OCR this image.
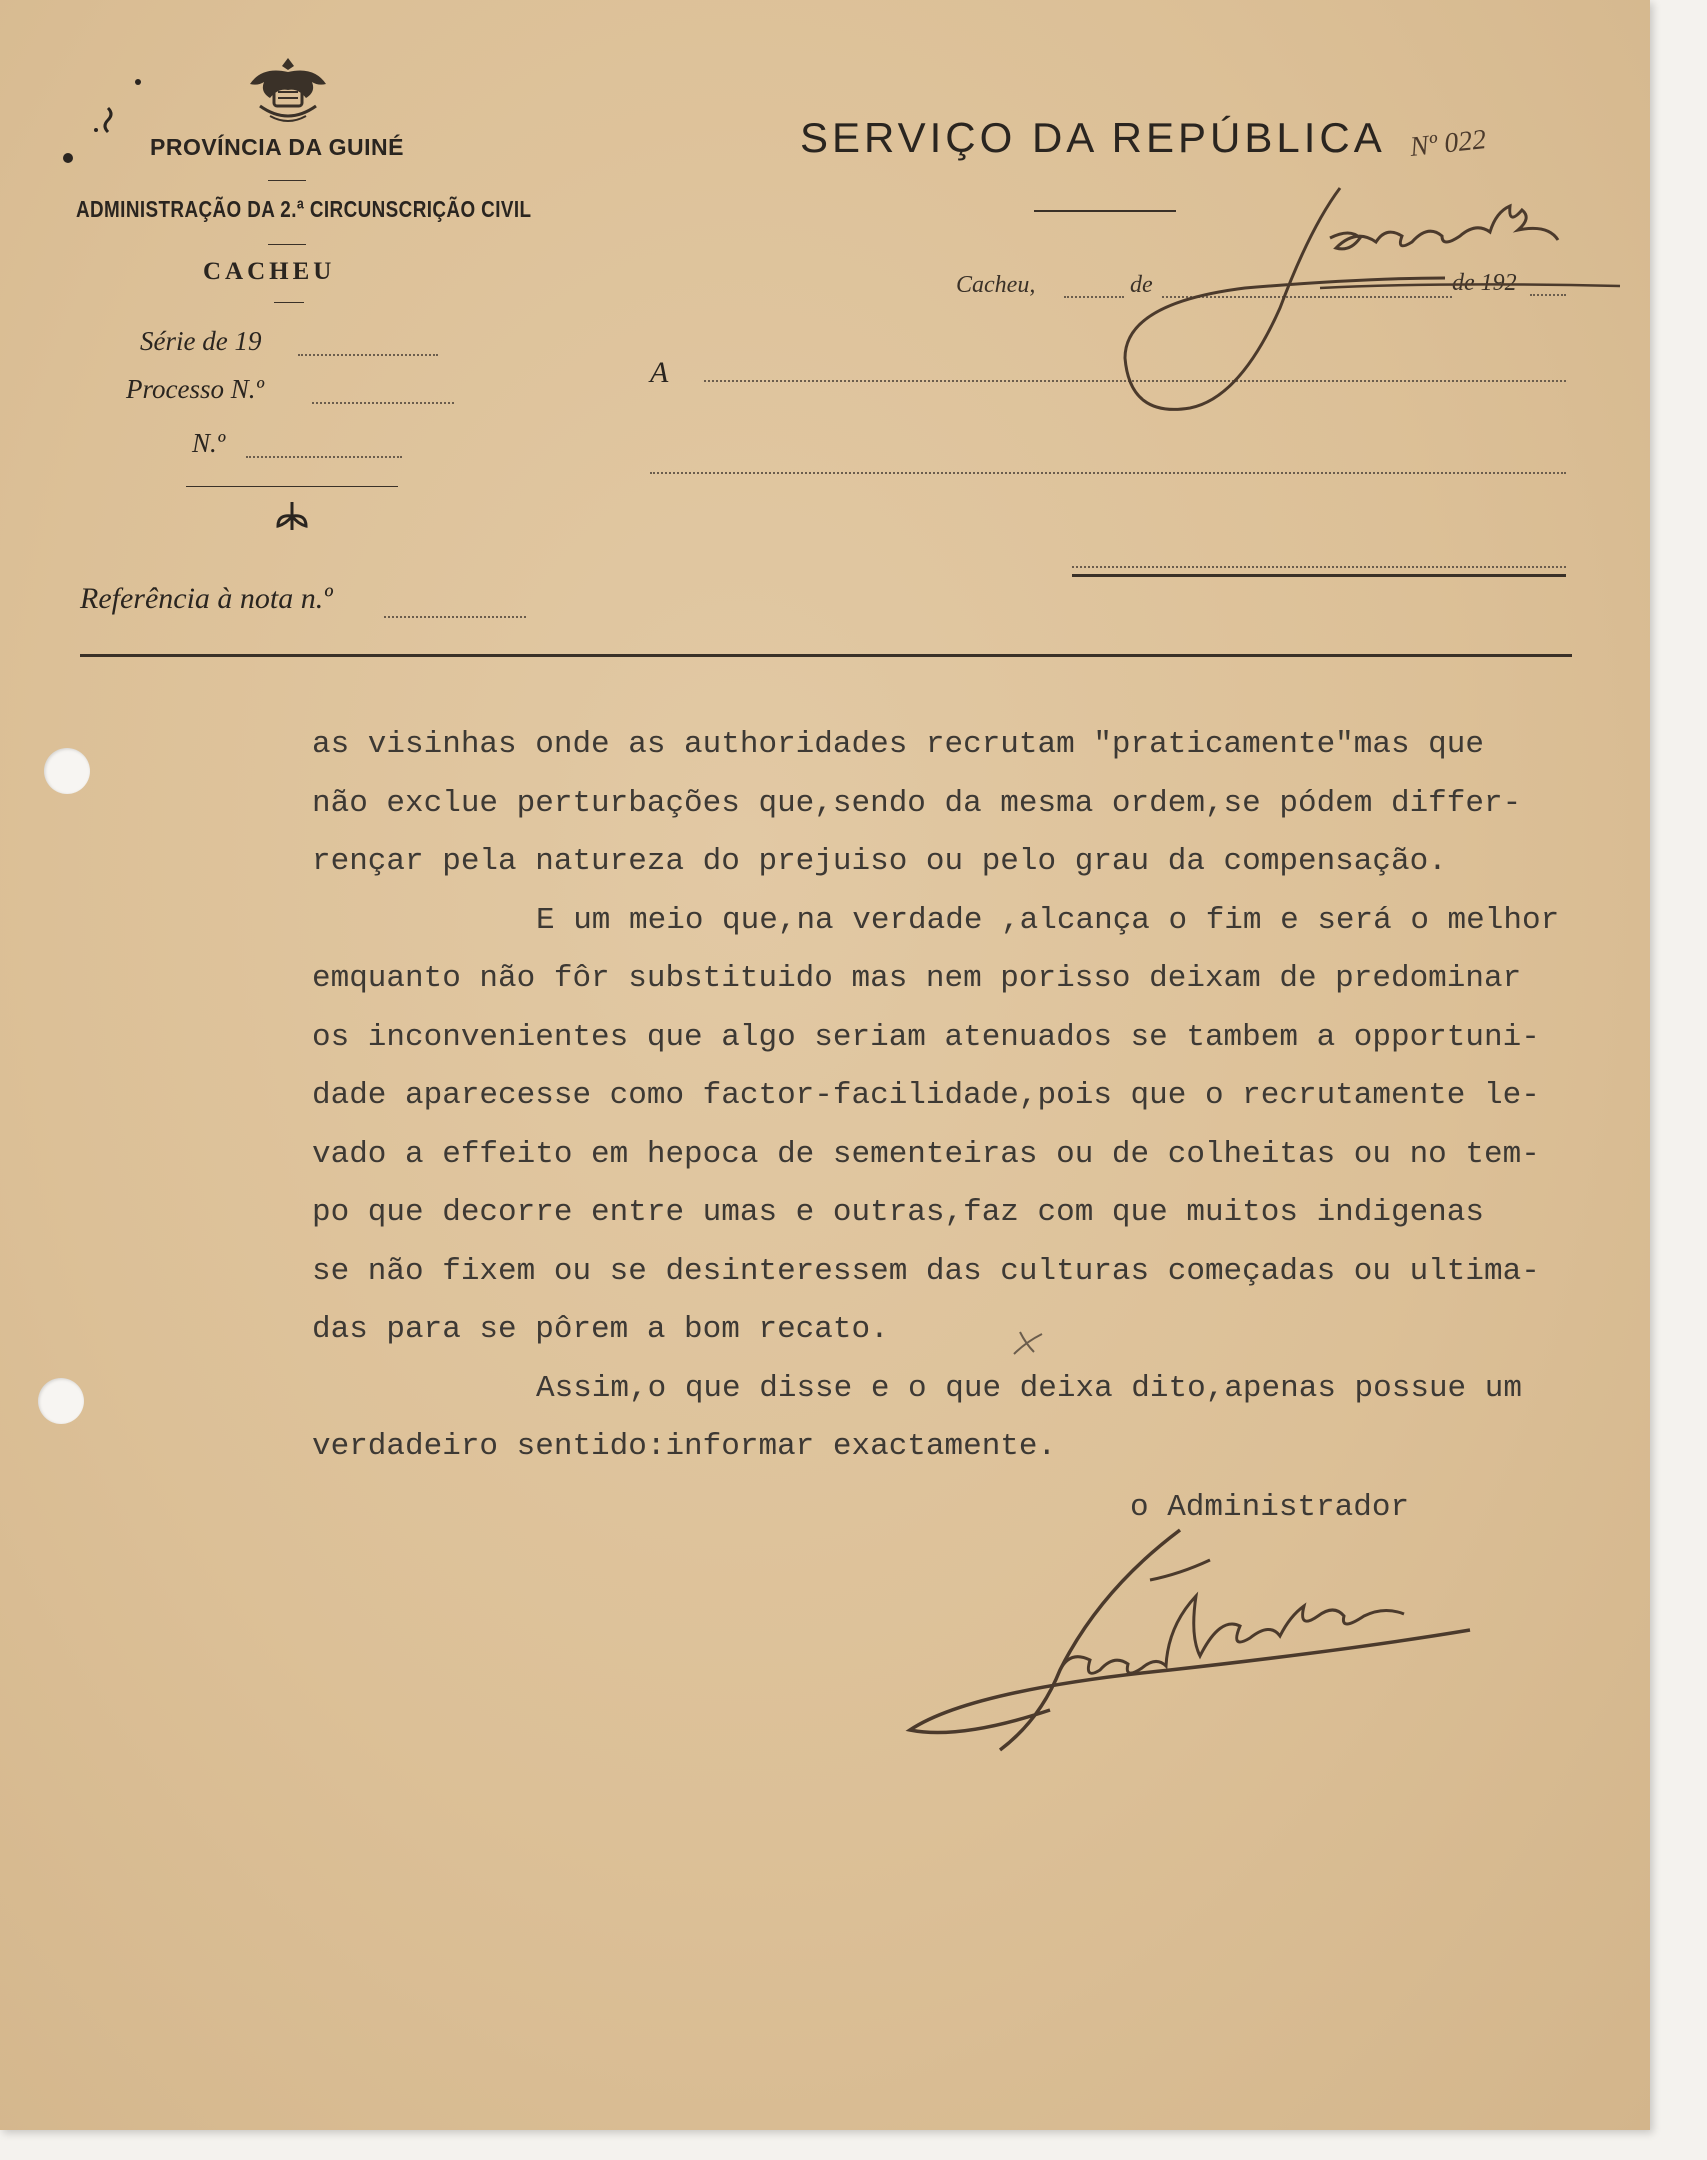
PROVÍNCIA DA GUINÉ
ADMINISTRAÇÃO DA 2.ª CIRCUNSCRIÇÃO CIVIL
CACHEU
Série de 19
Processo N.º
N.º
Referência à nota n.º
SERVIÇO DA REPÚBLICA Nº 022
Cacheu,	de	de 192
A

as visinhas onde as authoridades recrutam "praticamente"mas que

não exclue perturbações que,sendo da mesma ordem,se pódem differ-

rençar pela natureza do prejuiso ou pelo grau da compensação.

E um meio que,na verdade ,alcança o fim e será o melhor

emquanto não fôr substituido mas nem porisso deixam de predominar

os inconvenientes que algo seriam atenuados se tambem a opportuni-

dade aparecesse como factor-facilidade,pois que o recrutamente le-

vado a effeito em hepoca de sementeiras ou de colheitas ou no tem-

po que decorre entre umas e outras,faz com que muitos indigenas

se não fixem ou se desinteressem das culturas começadas ou ultima-

das para se pôrem a bom recato.

Assim,o que disse e o que deixa dito,apenas possue um

verdadeiro sentido:informar exactamente.

o Administrador
